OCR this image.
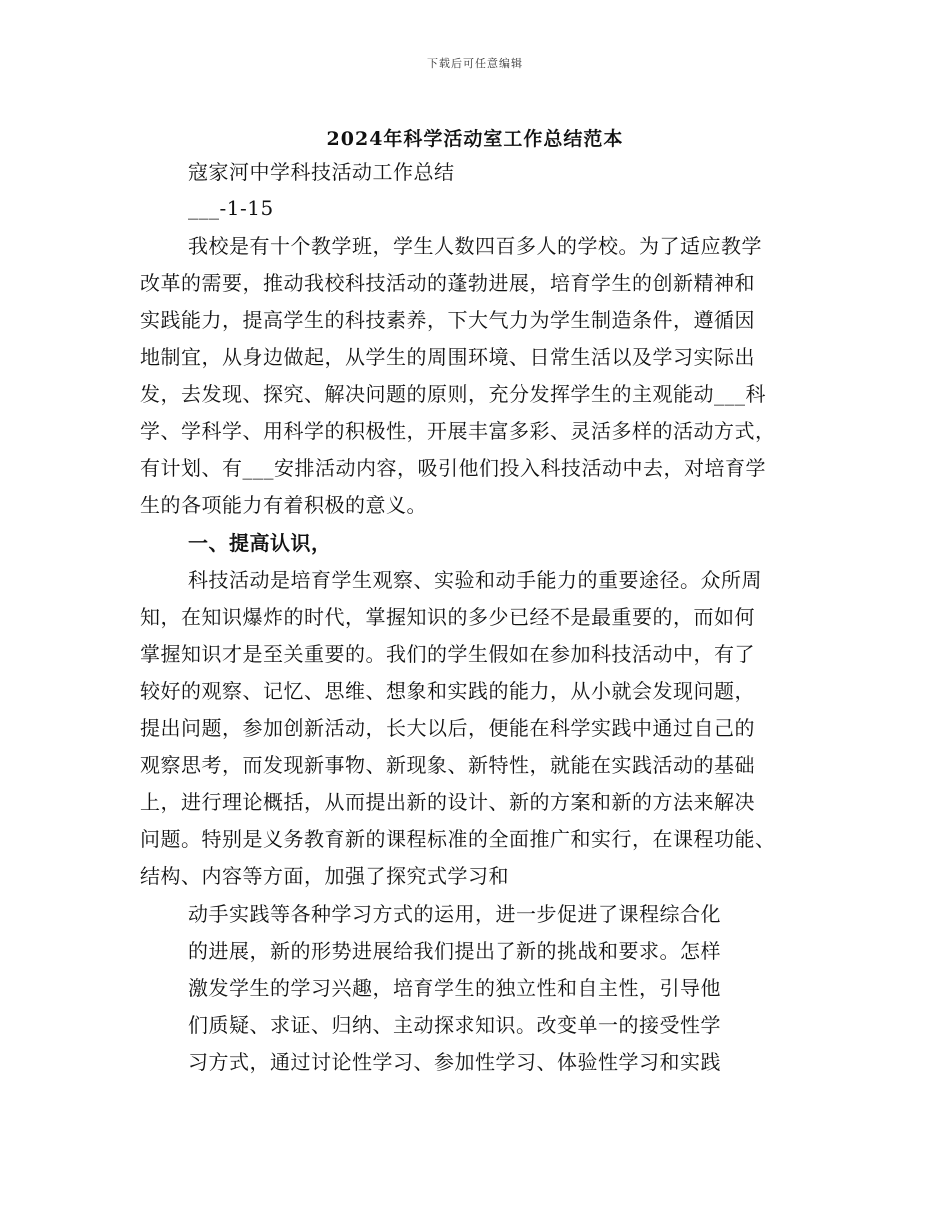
下载后可任意编辑
2024年科学活动室工作总结范本
寇家河中学科技活动工作总结
___-1-15
我校是有十个教学班，学生人数四百多人的学校。为了适应教学
改革的需要，推动我校科技活动的蓬勃进展，培育学生的创新精神和
实践能力，提高学生的科技素养，下大气力为学生制造条件，遵循因
地制宜，从身边做起，从学生的周围环境、日常生活以及学习实际出
发，去发现、探究、解决问题的原则，充分发挥学生的主观能动___科
学、学科学、用科学的积极性，开展丰富多彩、灵活多样的活动方式，
有计划、有___安排活动内容，吸引他们投入科技活动中去，对培育学
生的各项能力有着积极的意义。
一、提高认识，
科技活动是培育学生观察、实验和动手能力的重要途径。众所周
知，在知识爆炸的时代，掌握知识的多少已经不是最重要的，而如何
掌握知识才是至关重要的。我们的学生假如在参加科技活动中，有了
较好的观察、记忆、思维、想象和实践的能力，从小就会发现问题，
提出问题，参加创新活动，长大以后，便能在科学实践中通过自己的
观察思考，而发现新事物、新现象、新特性，就能在实践活动的基础
上，进行理论概括，从而提出新的设计、新的方案和新的方法来解决
问题。特别是义务教育新的课程标准的全面推广和实行，在课程功能、
结构、内容等方面，加强了探究式学习和
动手实践等各种学习方式的运用，进一步促进了课程综合化
的进展，新的形势进展给我们提出了新的挑战和要求。怎样
激发学生的学习兴趣，培育学生的独立性和自主性，引导他
们质疑、求证、归纳、主动探求知识。改变单一的接受性学
习方式，通过讨论性学习、参加性学习、体验性学习和实践
